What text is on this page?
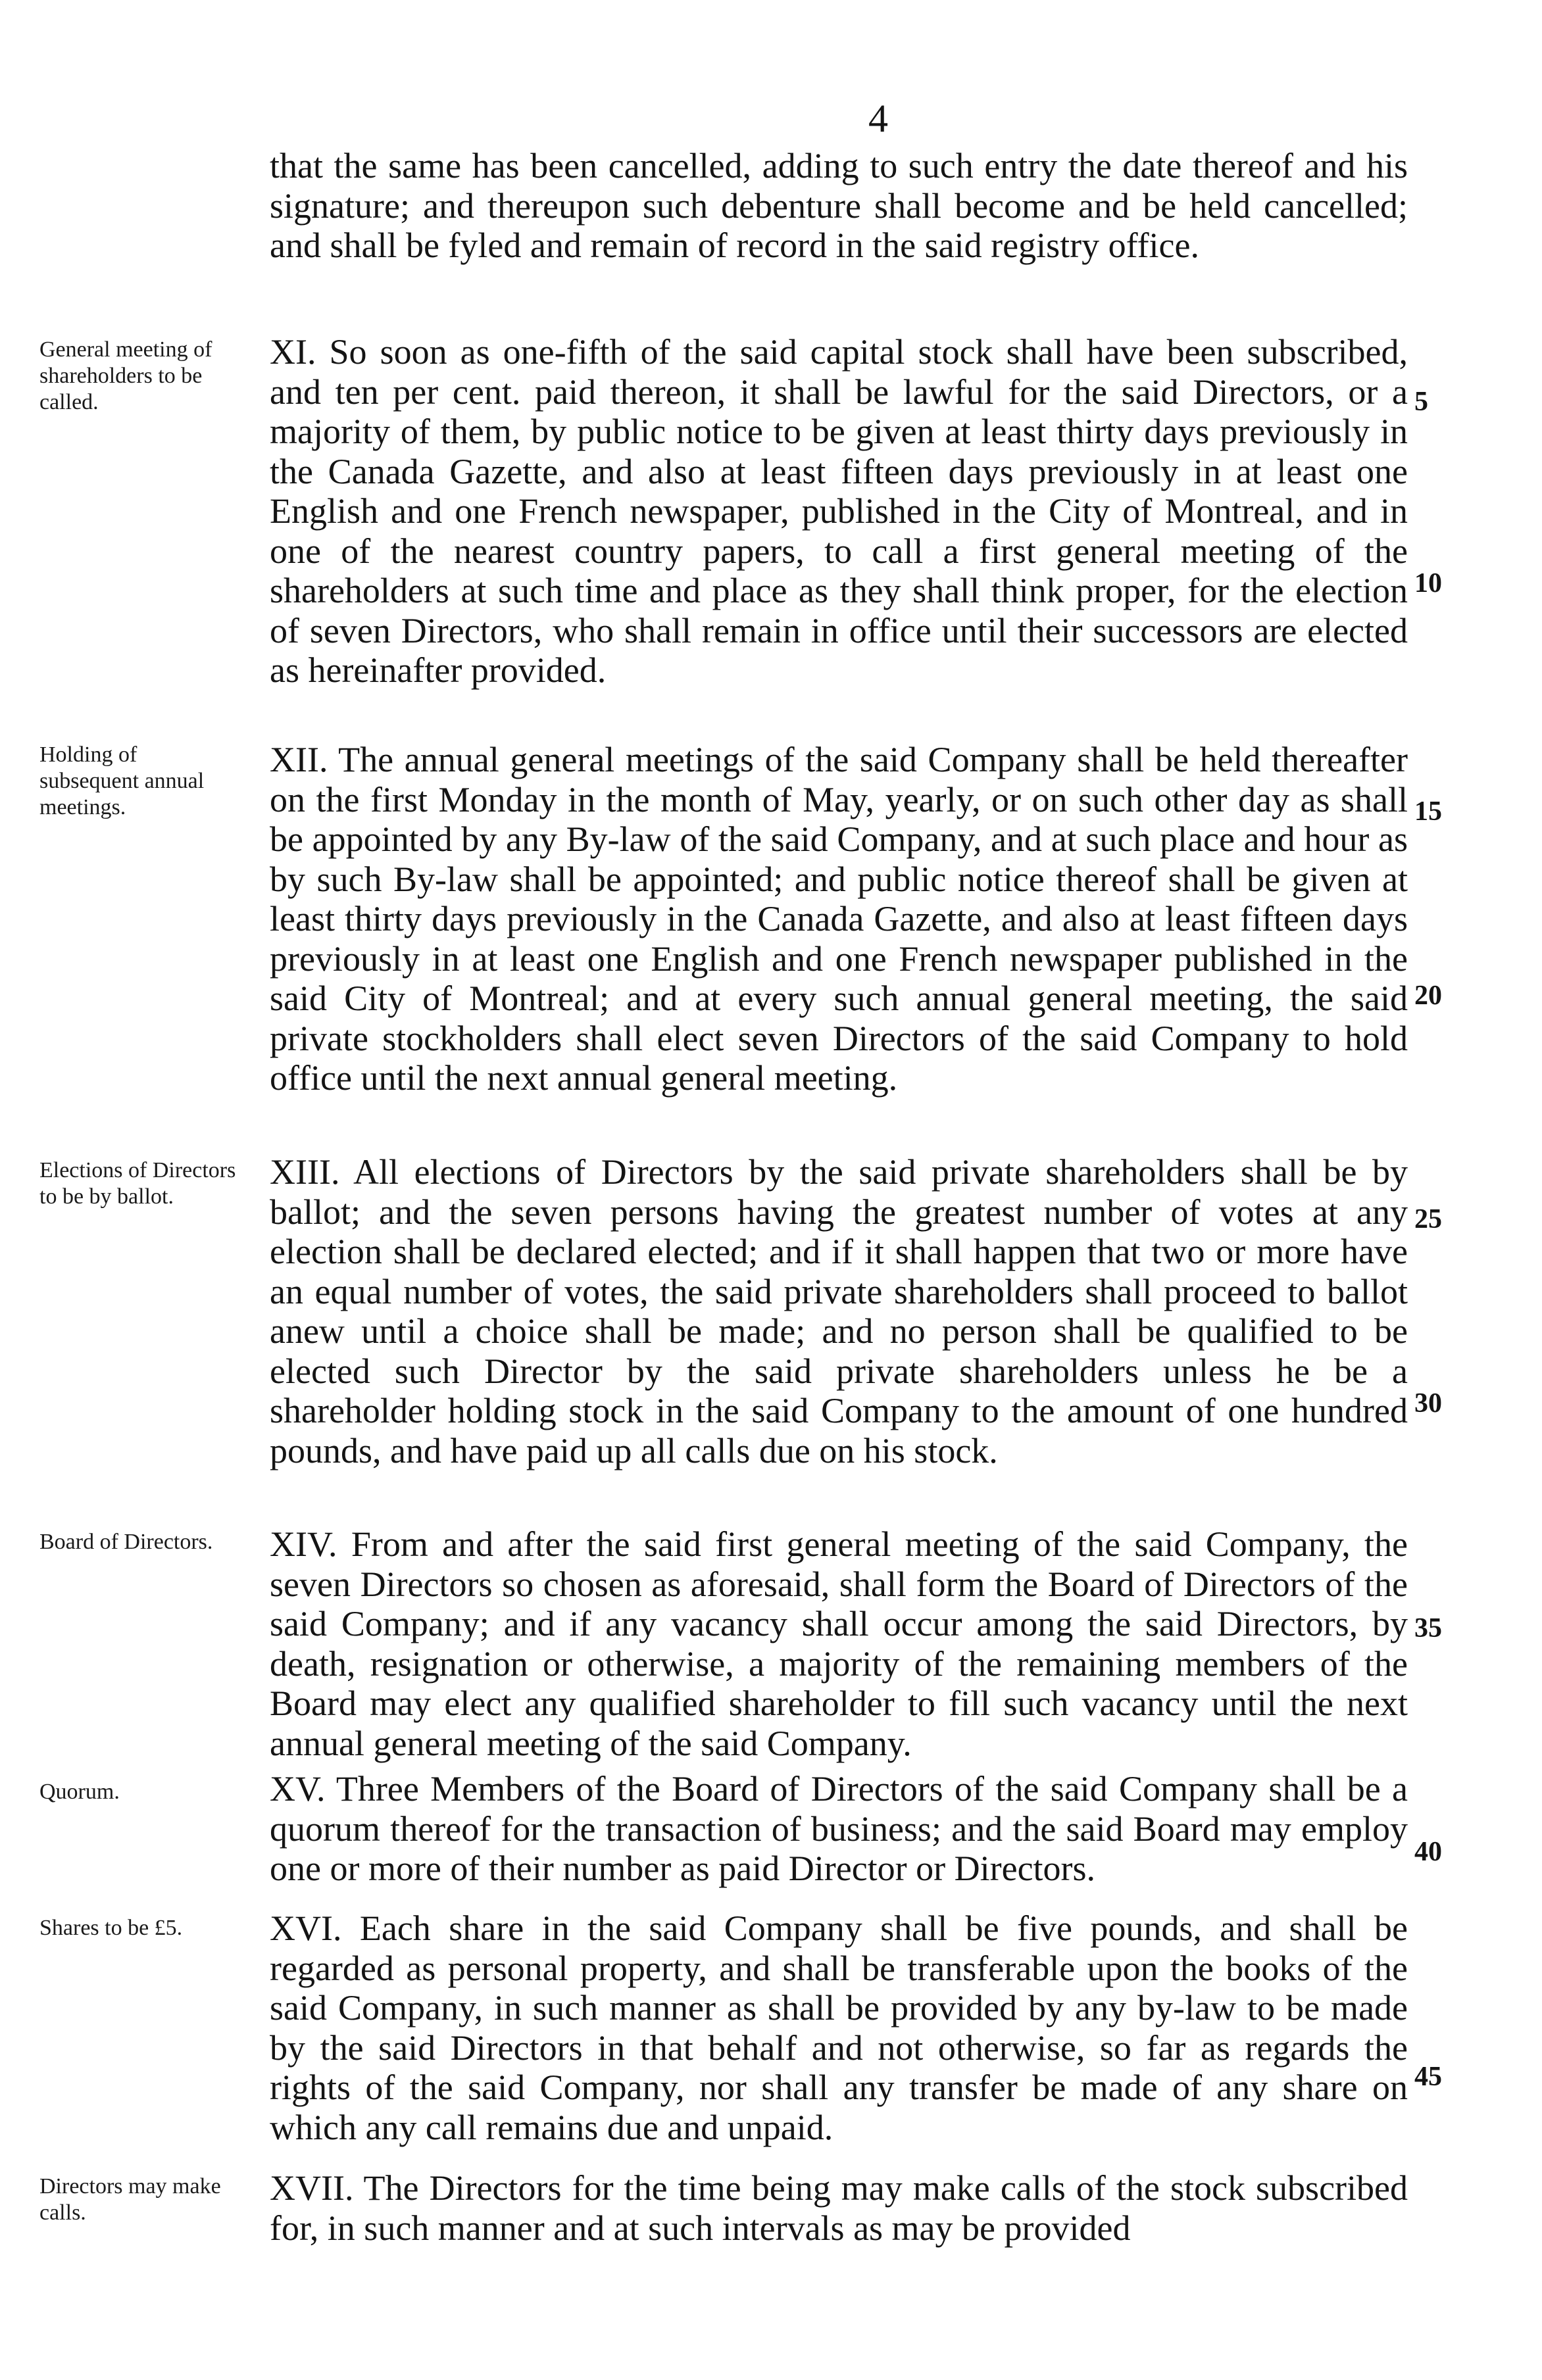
4

that the same has been cancelled, adding to such entry the date thereof and his signature; and thereupon such debenture shall become and be held cancelled; and shall be fyled and remain of record in the said registry office.

General meeting of shareholders to be called.

XI. So soon as one-fifth of the said capital stock shall have been subscribed, and ten per cent. paid thereon, it shall be lawful for the said Directors, or a majority of them, by public notice to be given at least thirty days previously in the Canada Gazette, and also at least fifteen days previously in at least one English and one French newspaper, published in the City of Montreal, and in one of the nearest country papers, to call a first general meeting of the shareholders at such time and place as they shall think proper, for the election of seven Directors, who shall remain in office until their successors are elected as hereinafter provided.

Holding of subsequent annual meetings.

XII. The annual general meetings of the said Company shall be held thereafter on the first Monday in the month of May, yearly, or on such other day as shall be appointed by any By-law of the said Company, and at such place and hour as by such By-law shall be appointed; and public notice thereof shall be given at least thirty days previously in the Canada Gazette, and also at least fifteen days previously in at least one English and one French newspaper published in the said City of Montreal; and at every such annual general meeting, the said private stockholders shall elect seven Directors of the said Company to hold office until the next annual general meeting.

Elections of Directors to be by ballot.

XIII. All elections of Directors by the said private shareholders shall be by ballot; and the seven persons having the greatest number of votes at any election shall be declared elected; and if it shall happen that two or more have an equal number of votes, the said private shareholders shall proceed to ballot anew until a choice shall be made; and no person shall be qualified to be elected such Director by the said private shareholders unless he be a shareholder holding stock in the said Company to the amount of one hundred pounds, and have paid up all calls due on his stock.

Board of Directors.	XIV. From and after the said first general meeting of the said Company, the seven Directors so chosen as aforesaid, shall form the Board of Directors of the said Company; and if any vacancy shall occur among the said Directors, by death, resignation or otherwise, a majority of the remaining members of the Board may elect any qualified shareholder to fill such vacancy until the next annual general meeting of the said Company.

Quorum.	XV. Three Members of the Board of Directors of the said Company shall be a quorum thereof for the transaction of business; and the said Board may employ one or more of their number as paid Director or Directors.

Shares to be £5.	XVI. Each share in the said Company shall be five pounds, and shall be regarded as personal property, and shall be transferable upon the books of the said Company, in such manner as shall be provided by any by-law to be made by the said Directors in that behalf and not otherwise, so far as regards the rights of the said Company, nor shall any transfer be made of any share on which any call remains due and unpaid.

Directors may make calls.

XVII. The Directors for the time being may make calls of the stock subscribed for, in such manner and at such intervals as may be provided

5
10
15
20
25
30
35
40
45
